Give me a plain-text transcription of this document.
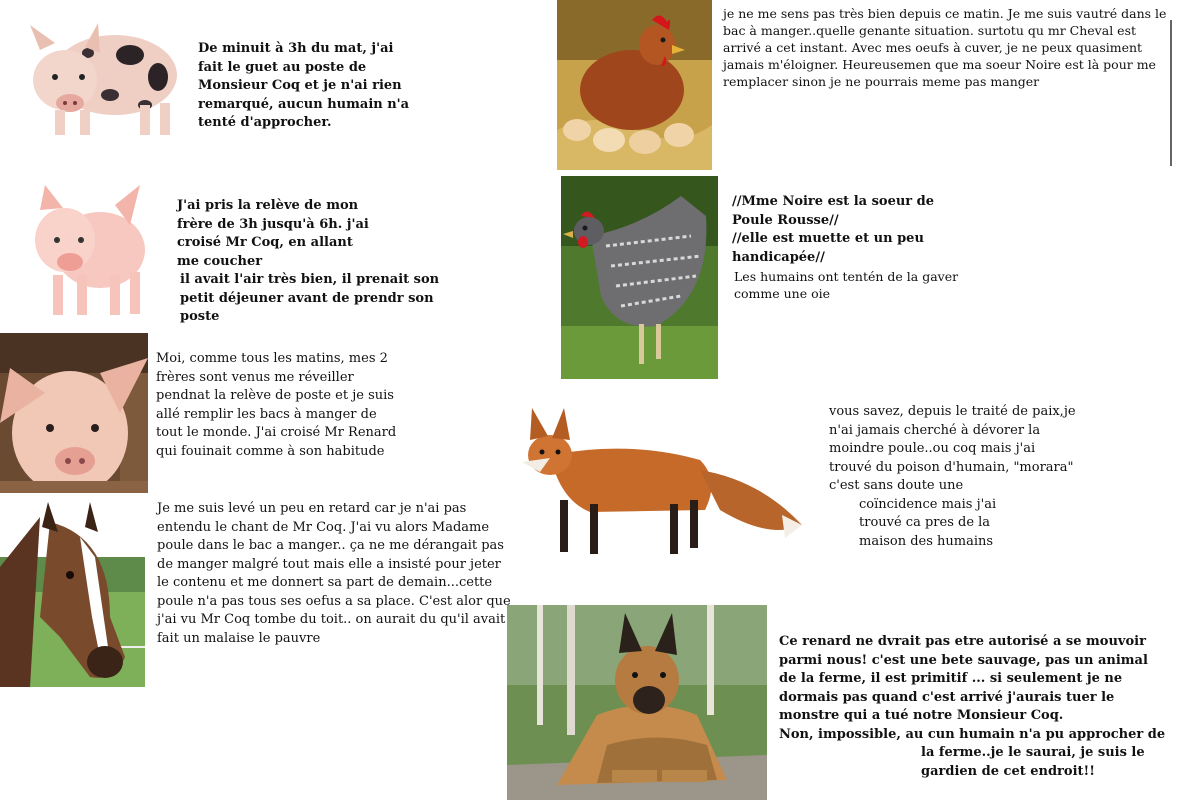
De minuit à 3h du mat, j'ai
fait le guet au poste de
Monsieur Coq et je n'ai rien
remarqué, aucun humain n'a
tenté d'approcher.
J'ai pris la relève de mon
frère de 3h jusqu'à 6h. j'ai
croisé Mr Coq, en allant
me coucher
il avait l'air très bien, il prenait son
petit déjeuner avant de prendr son
poste
Moi, comme tous les matins, mes 2
frères sont venus me réveiller
pendnat la relève de poste et je suis
allé remplir les bacs à manger de
tout le monde. J'ai croisé Mr Renard
qui fouinait comme à son habitude
Je me suis levé un peu en retard car je n'ai pas
entendu le chant de Mr Coq. J'ai vu alors Madame
poule dans le bac a manger.. ça ne me dérangait pas
de manger malgré tout mais elle a insisté pour jeter
le contenu et me donnert sa part de demain...cette
poule n'a pas tous ses oefus a sa place. C'est alor que
j'ai vu Mr Coq tombe du toit.. on aurait du qu'il avait
fait un malaise le pauvre
je ne me sens pas très bien depuis ce matin. Je me suis vautré dans le
bac à manger..quelle genante situation. surtotu qu mr Cheval est
arrivé a cet instant. Avec mes oeufs à cuver, je ne peux quasiment
jamais m'éloigner. Heureusemen que ma soeur Noire est là pour me
remplacer sinon je ne pourrais meme pas manger
//Mme Noire est la soeur de
Poule Rousse//
//elle est muette et un peu
handicapée//
Les humains ont tentén de la gaver
comme une oie
vous savez, depuis le traité de paix,je
n'ai jamais cherché à dévorer la
moindre poule..ou coq mais j'ai
trouvé du poison d'humain, "morara"
c'est sans doute une
coïncidence mais j'ai
trouvé ca pres de la
maison des humains
Ce renard ne dvrait pas etre autorisé a se mouvoir
parmi nous! c'est une bete sauvage, pas un animal
de la ferme, il est primitif ... si seulement je ne
dormais pas quand c'est arrivé j'aurais tuer le
monstre qui a tué notre Monsieur Coq.
Non, impossible, au cun humain n'a pu approcher de
la ferme..je le saurai, je suis le
gardien de cet endroit!!
